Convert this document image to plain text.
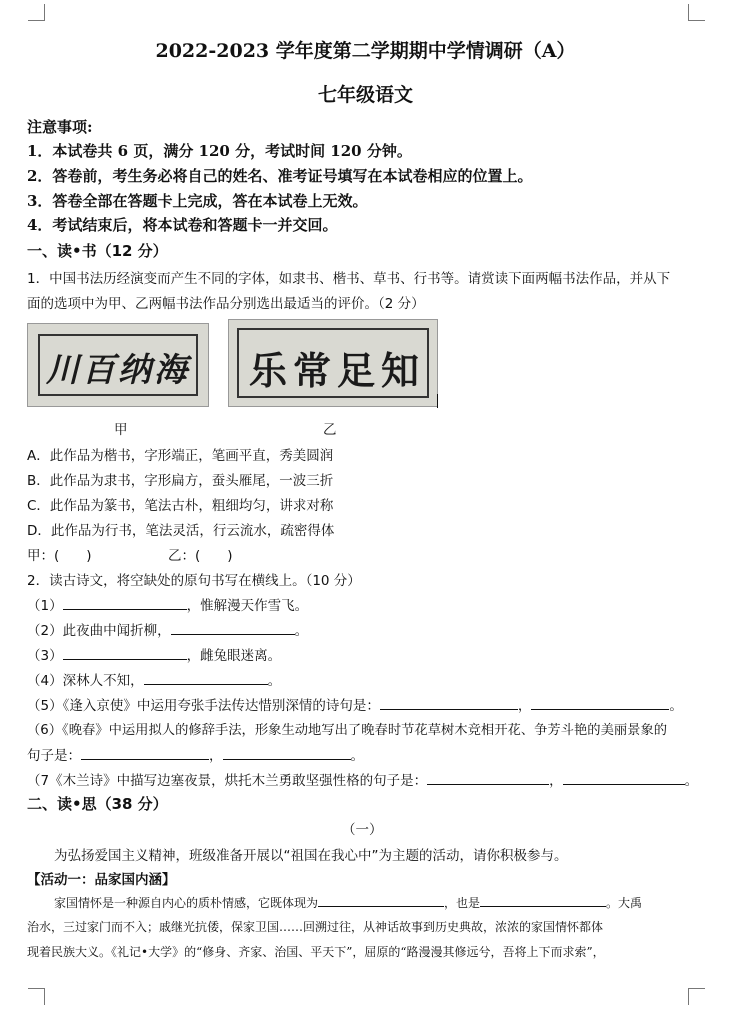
2022-2023 学年度第二学期期中学情调研（A）
七年级语文
注意事项:
1．本试卷共 6 页，满分 120 分，考试时间 120 分钟。
2．答卷前，考生务必将自己的姓名、准考证号填写在本试卷相应的位置上。
3．答卷全部在答题卡上完成，答在本试卷上无效。
4．考试结束后，将本试卷和答题卡一并交回。
一、读•书（12 分）
1．中国书法历经演变而产生不同的字体，如隶书、楷书、草书、行书等。请赏读下面两幅书法作品，并从下
面的选项中为甲、乙两幅书法作品分别选出最适当的评价。（2 分）
川百纳海 乐常足知
甲	乙
A．此作品为楷书，字形端正，笔画平直，秀美圆润
B．此作品为隶书，字形扁方，蚕头雁尾，一波三折
C．此作品为篆书，笔法古朴，粗细均匀，讲求对称
D．此作品为行书，笔法灵活，行云流水，疏密得体
甲：(　　)	乙：(　　)
2．读古诗文，将空缺处的原句书写在横线上。（10 分）
（1）	，惟解漫天作雪飞。
（2）此夜曲中闻折柳，	。
（3）	，雌兔眼迷离。
（4）深林人不知，	。
（5）《逢入京使》中运用夸张手法传达惜别深情的诗句是：	，	。
（6）《晚春》中运用拟人的修辞手法，形象生动地写出了晚春时节花草树木竞相开花、争芳斗艳的美丽景象的
句子是：	，	。
（7《木兰诗》中描写边塞夜景，烘托木兰勇敢坚强性格的句子是：	，	。
二、读•思（38 分）
（一）
为弘扬爱国主义精神，班级准备开展以“祖国在我心中”为主题的活动，请你积极参与。
【活动一：品家国内涵】
家国情怀是一种源自内心的质朴情感，它既体现为	，也是	。大禹
治水，三过家门而不入；戚继光抗倭，保家卫国……回溯过往，从神话故事到历史典故，浓浓的家国情怀都体
现着民族大义。《礼记•大学》的“修身、齐家、治国、平天下”，屈原的“路漫漫其修远兮，吾将上下而求索”，
